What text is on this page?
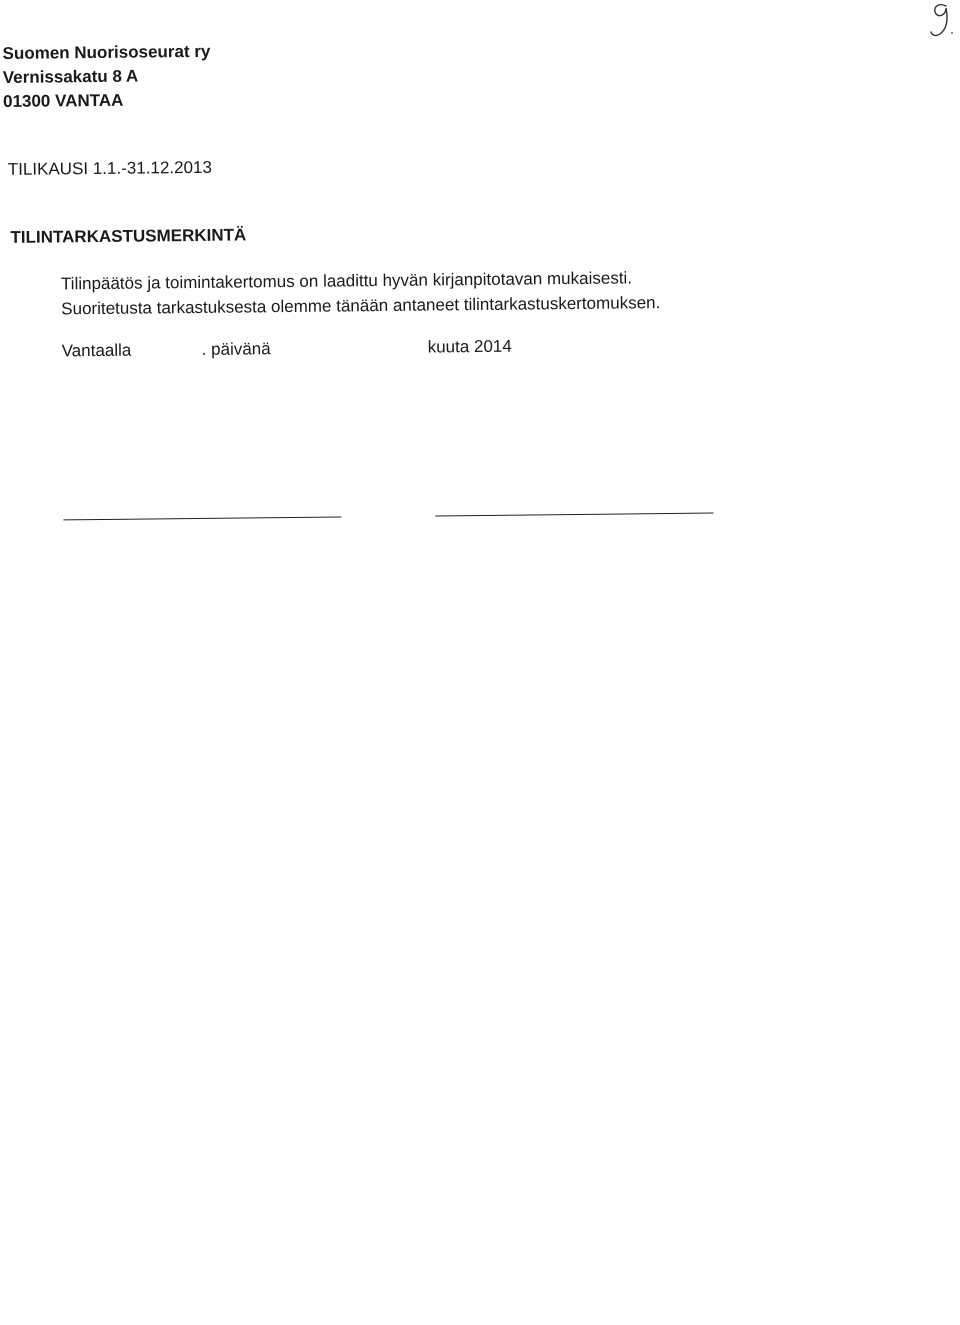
Suomen Nuorisoseurat ry
Vernissakatu 8 A
01300 VANTAA
TILIKAUSI 1.1.-31.12.2013
TILINTARKASTUSMERKINTÄ
Tilinpäätös ja toimintakertomus on laadittu hyvän kirjanpitotavan mukaisesti.
Suoritetusta tarkastuksesta olemme tänään antaneet tilintarkastuskertomuksen.
Vantaalla	. päivänä	kuuta 2014
